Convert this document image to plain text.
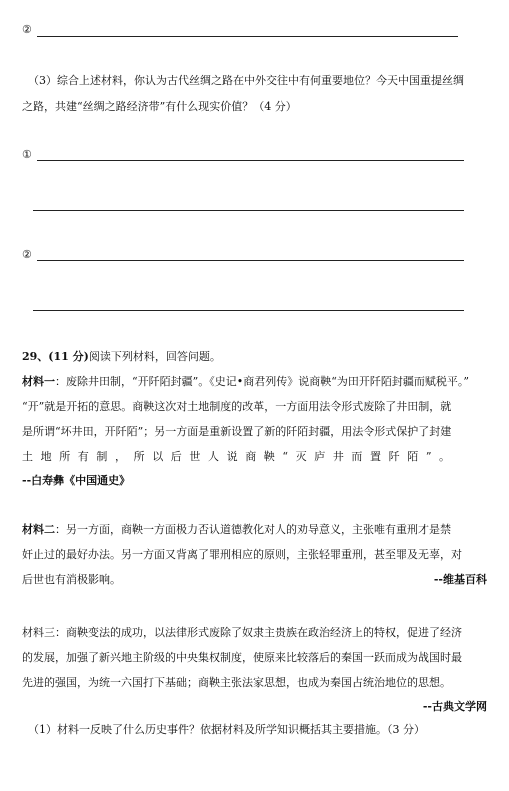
②
（3）综合上述材料，你认为古代丝绸之路在中外交往中有何重要地位？今天中国重提丝绸
之路，共建“丝绸之路经济带”有什么现实价值？（4 分）
①
②
29、(11 分)阅读下列材料，回答问题。
材料一：废除井田制，“开阡陌封疆”。《史记•商君列传》说商鞅“为田开阡陌封疆而赋税平。”
“开”就是开拓的意思。商鞅这次对土地制度的改革，一方面用法令形式废除了井田制，就
是所谓“坏井田，开阡陌”；另一方面是重新设置了新的阡陌封疆，用法令形式保护了封建
土地所有制，所以后世人说商鞅“灭庐井而置阡陌”。
--白寿彝《中国通史》
材料二：另一方面，商鞅一方面极力否认道德教化对人的劝导意义，主张唯有重刑才是禁
奸止过的最好办法。另一方面又背离了罪刑相应的原则，主张轻罪重刑，甚至罪及无辜，对
后世也有消极影响。	--维基百科
材料三：商鞅变法的成功，以法律形式废除了奴隶主贵族在政治经济上的特权，促进了经济
的发展，加强了新兴地主阶级的中央集权制度，使原来比较落后的秦国一跃而成为战国时最
先进的强国，为统一六国打下基础；商鞅主张法家思想，也成为秦国占统治地位的思想。
--古典文学网
（1）材料一反映了什么历史事件？依据材料及所学知识概括其主要措施。（3 分）
